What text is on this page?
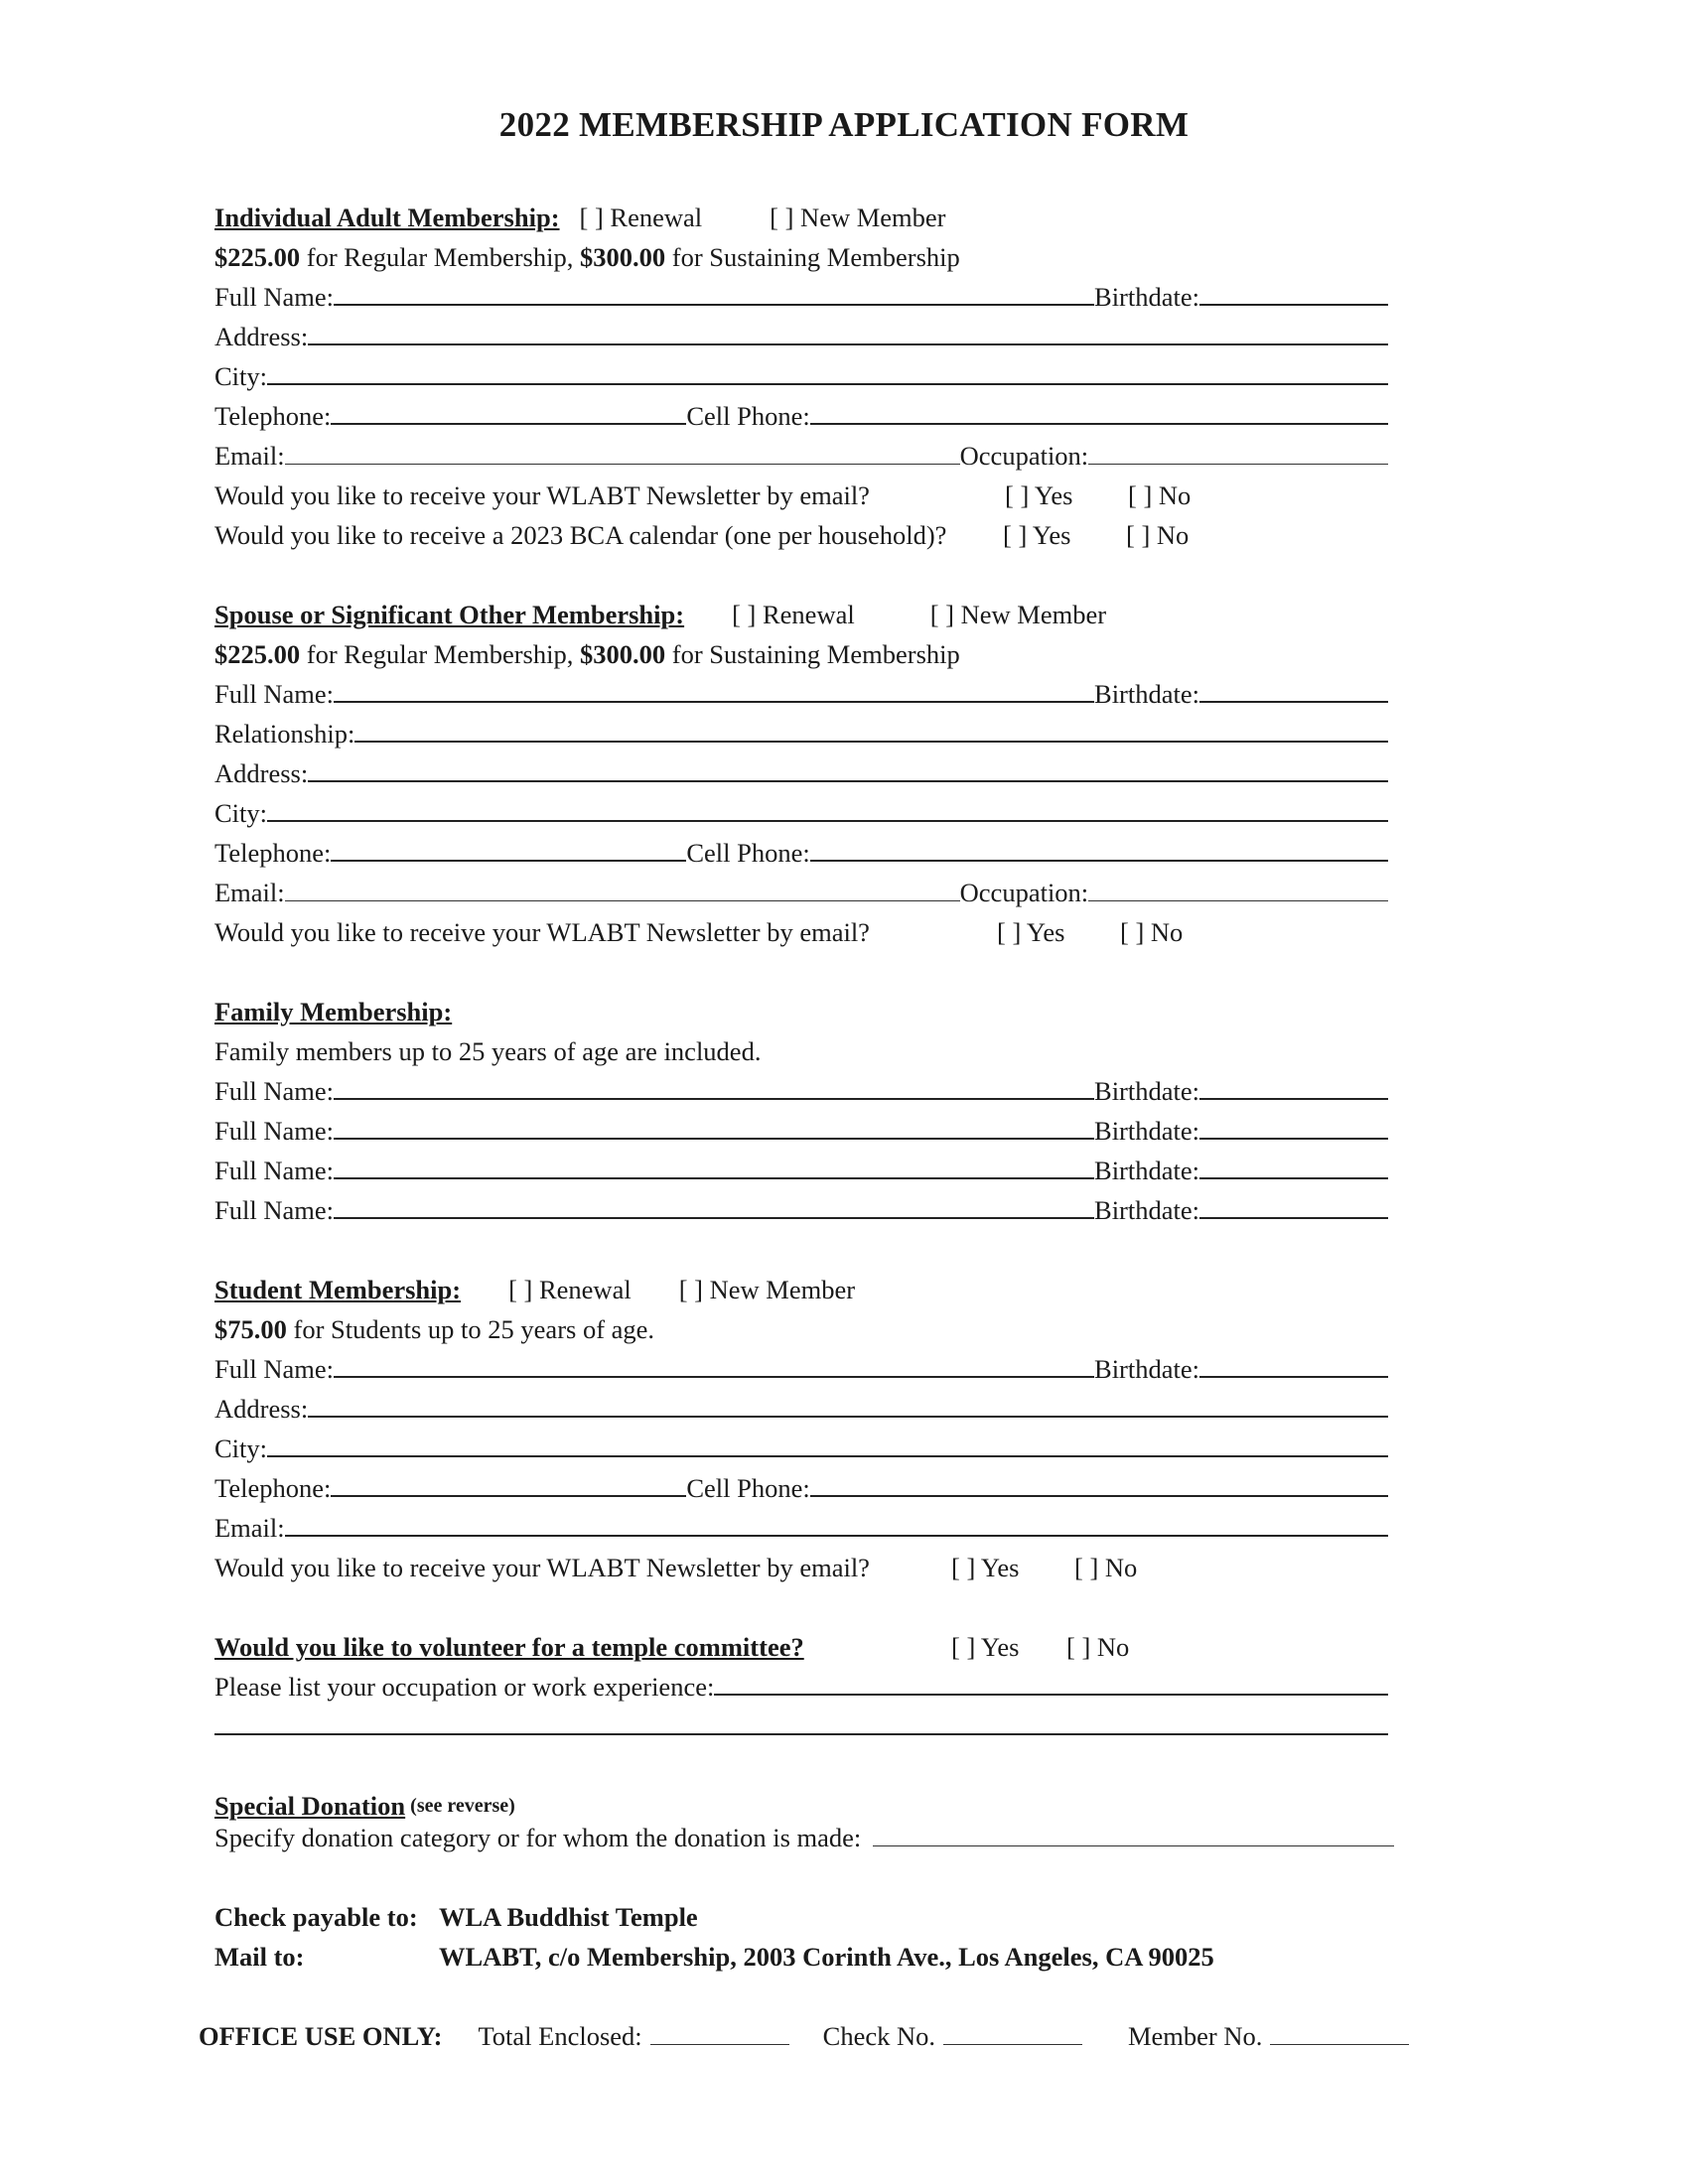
2022 MEMBERSHIP APPLICATION FORM
Individual Adult Membership: [ ] Renewal	[ ] New Member
$225.00 for Regular Membership, $300.00 for Sustaining Membership
Full Name:	Birthdate:
Address:
City:
Telephone:	Cell Phone:
Email:	Occupation:
Would you like to receive your WLABT Newsletter by email?	[ ] Yes	[ ] No
Would you like to receive a 2023 BCA calendar (one per household)?	[ ] Yes	[ ] No
Spouse or Significant Other Membership: [ ] Renewal	[ ] New Member
$225.00 for Regular Membership, $300.00 for Sustaining Membership
Full Name:	Birthdate:
Relationship:
Address:
City:
Telephone:	Cell Phone:
Email:	Occupation:
Would you like to receive your WLABT Newsletter by email?	[ ] Yes	[ ] No
Family Membership:
Family members up to 25 years of age are included.
Full Name:	Birthdate:
Full Name:	Birthdate:
Full Name:	Birthdate:
Full Name:	Birthdate:
Student Membership: [ ] Renewal [ ] New Member
$75.00 for Students up to 25 years of age.
Full Name:	Birthdate:
Address:
City:
Telephone:	Cell Phone:
Email:
Would you like to receive your WLABT Newsletter by email?	[ ] Yes	[ ] No
Would you like to volunteer for a temple committee?	[ ] Yes	[ ] No
Please list your occupation or work experience:
Special Donation (see reverse)
Specify donation category or for whom the donation is made:
Check payable to: WLA Buddhist Temple
Mail to:	WLABT, c/o Membership, 2003 Corinth Ave., Los Angeles, CA 90025
OFFICE USE ONLY: Total Enclosed:	Check No.	Member No.
